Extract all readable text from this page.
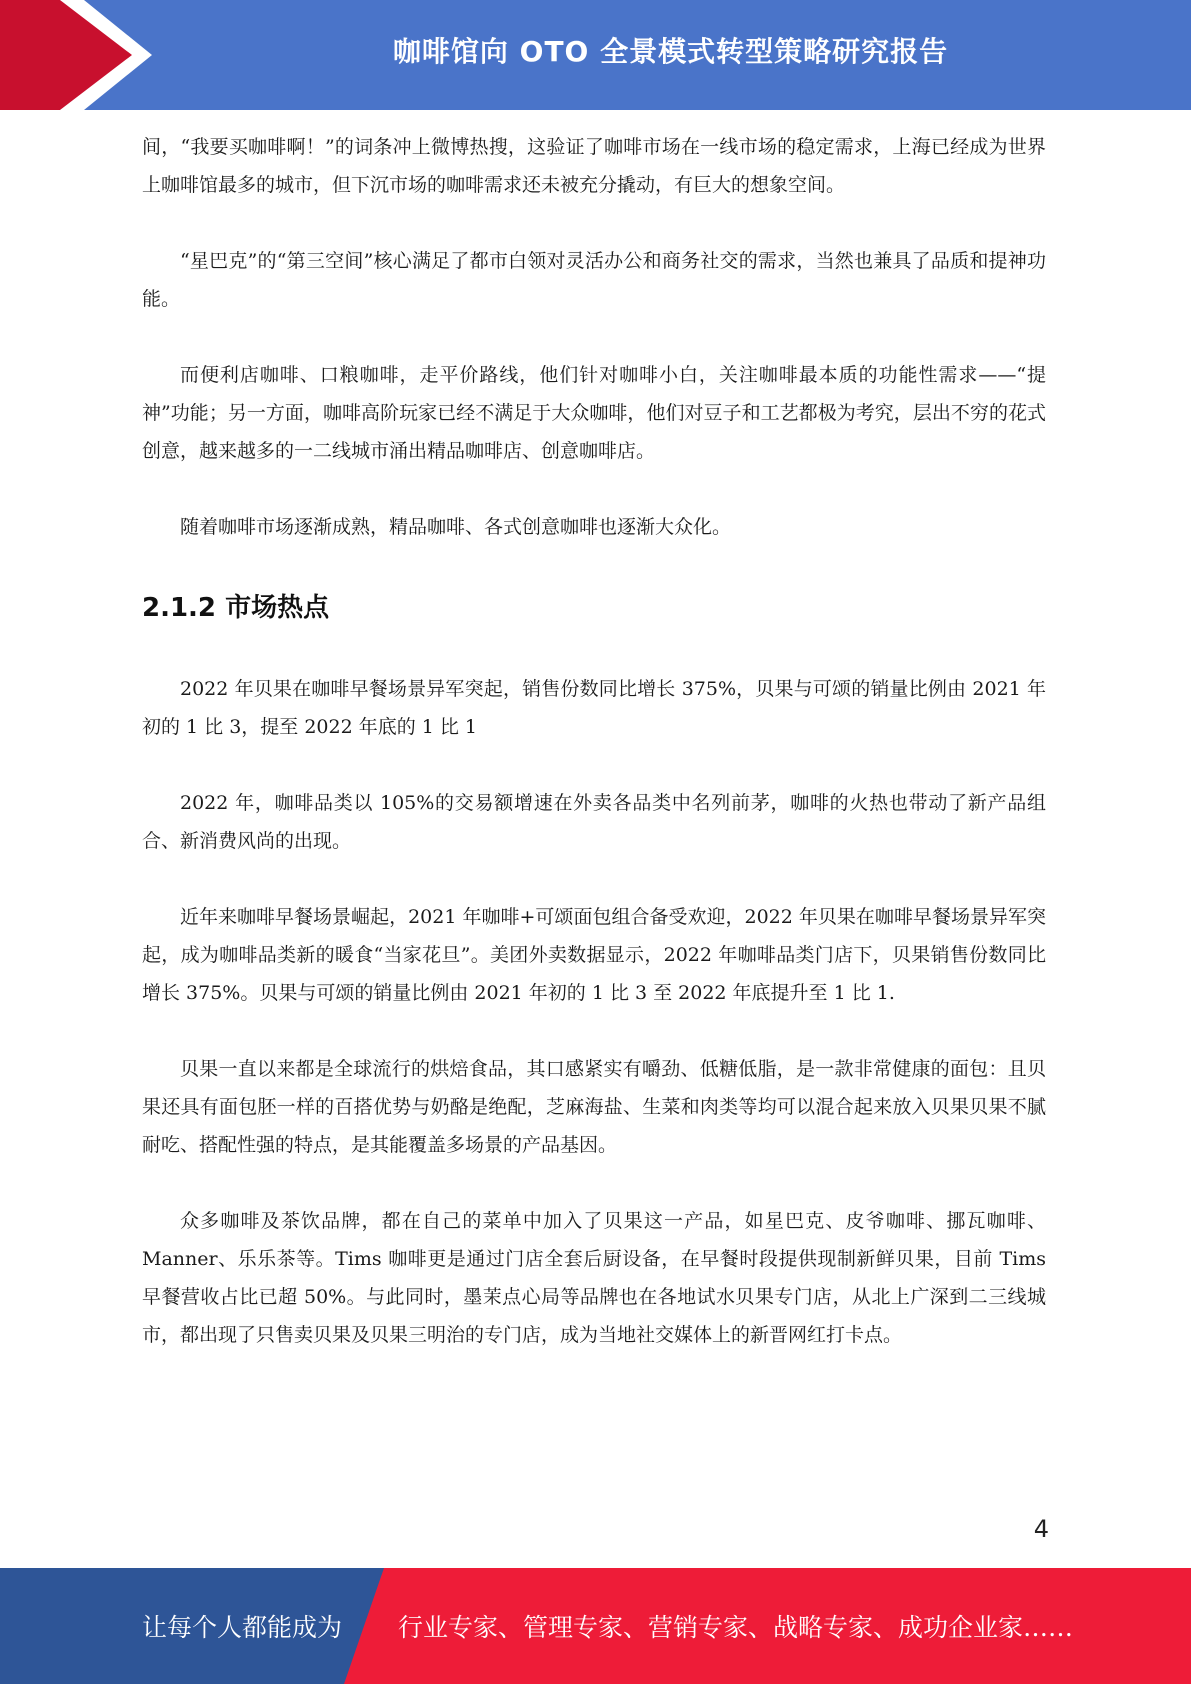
咖啡馆向 OTO 全景模式转型策略研究报告

间，“我要买咖啡啊！”的词条冲上微博热搜，这验证了咖啡市场在一线市场的稳定需求，上海已经成为世界上咖啡馆最多的城市，但下沉市场的咖啡需求还未被充分撬动，有巨大的想象空间。

“星巴克”的“第三空间”核心满足了都市白领对灵活办公和商务社交的需求，当然也兼具了品质和提神功能。

而便利店咖啡、口粮咖啡，走平价路线，他们针对咖啡小白，关注咖啡最本质的功能性需求——“提神”功能；另一方面，咖啡高阶玩家已经不满足于大众咖啡，他们对豆子和工艺都极为考究，层出不穷的花式创意，越来越多的一二线城市涌出精品咖啡店、创意咖啡店。

随着咖啡市场逐渐成熟，精品咖啡、各式创意咖啡也逐渐大众化。

2.1.2 市场热点

2022 年贝果在咖啡早餐场景异军突起，销售份数同比增长 375%，贝果与可颂的销量比例由 2021 年初的 1 比 3，提至 2022 年底的 1 比 1

2022 年，咖啡品类以 105%的交易额增速在外卖各品类中名列前茅，咖啡的火热也带动了新产品组合、新消费风尚的出现。

近年来咖啡早餐场景崛起，2021 年咖啡+可颂面包组合备受欢迎，2022 年贝果在咖啡早餐场景异军突起，成为咖啡品类新的暖食“当家花旦”。美团外卖数据显示，2022 年咖啡品类门店下，贝果销售份数同比增长 375%。贝果与可颂的销量比例由 2021 年初的 1 比 3 至 2022 年底提升至 1 比 1.

贝果一直以来都是全球流行的烘焙食品，其口感紧实有嚼劲、低糖低脂，是一款非常健康的面包：且贝果还具有面包胚一样的百搭优势与奶酪是绝配，芝麻海盐、生菜和肉类等均可以混合起来放入贝果贝果不腻耐吃、搭配性强的特点，是其能覆盖多场景的产品基因。

众多咖啡及茶饮品牌，都在自己的菜单中加入了贝果这一产品，如星巴克、皮爷咖啡、挪瓦咖啡、Manner、乐乐茶等。Tims 咖啡更是通过门店全套后厨设备，在早餐时段提供现制新鲜贝果，目前 Tims 早餐营收占比已超 50%。与此同时，墨茉点心局等品牌也在各地试水贝果专门店，从北上广深到二三线城市，都出现了只售卖贝果及贝果三明治的专门店，成为当地社交媒体上的新晋网红打卡点。

4
让每个人都能成为 行业专家、管理专家、营销专家、战略专家、成功企业家……
